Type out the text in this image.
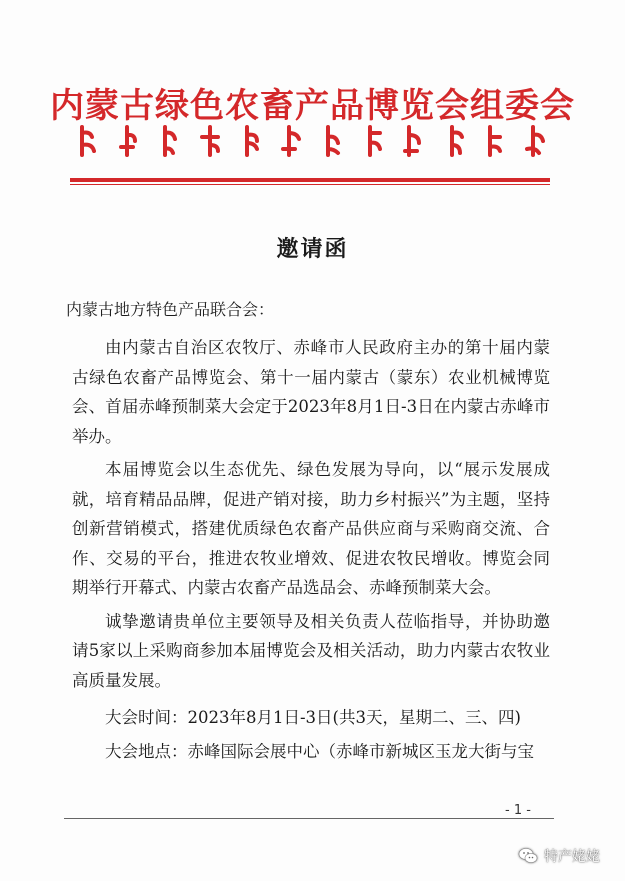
内蒙古绿色农畜产品博览会组委会
邀请函
内蒙古地方特色产品联合会：

由内蒙古自治区农牧厅、赤峰市人民政府主办的第十届内蒙古绿色农畜产品博览会、第十一届内蒙古（蒙东）农业机械博览会、首届赤峰预制菜大会定于2023年8月1日-3日在内蒙古赤峰市举办。

本届博览会以生态优先、绿色发展为导向，以“展示发展成就，培育精品品牌，促进产销对接，助力乡村振兴”为主题，坚持创新营销模式，搭建优质绿色农畜产品供应商与采购商交流、合作、交易的平台，推进农牧业增效、促进农牧民增收。博览会同期举行开幕式、内蒙古农畜产品选品会、赤峰预制菜大会。

诚挚邀请贵单位主要领导及相关负责人莅临指导，并协助邀请5家以上采购商参加本届博览会及相关活动，助力内蒙古农牧业高质量发展。

大会时间：2023年8月1日-3日(共3天，星期二、三、四)

大会地点：赤峰国际会展中心（赤峰市新城区玉龙大街与宝

- 1 -
特产姥姥
